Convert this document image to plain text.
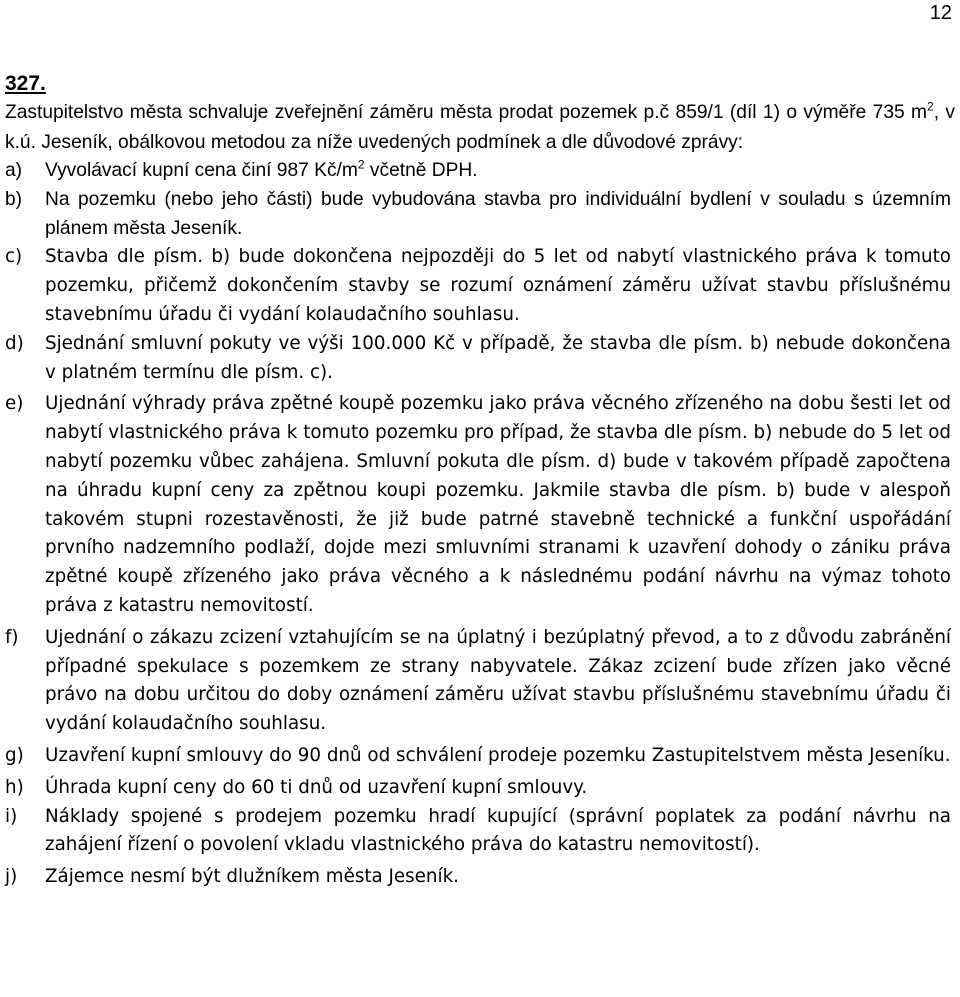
12
327.
Zastupitelstvo města schvaluje zveřejnění záměru města prodat pozemek p.č 859/1 (díl 1) o výměře 735 $m^2$, v k.ú. Jeseník, obálkovou metodou za níže uvedených podmínek a dle důvodové zprávy:
a)	Vyvolávací kupní cena činí 987 $Kč/m^2$ včetně DPH.
b)	Na pozemku (nebo jeho části) bude vybudována stavba pro individuální bydlení v souladu s územním plánem města Jeseník.
c)	Stavba dle písm. b) bude dokončena nejpozději do 5 let od nabytí vlastnického práva k tomuto pozemku, přičemž dokončením stavby se rozumí oznámení záměru užívat stavbu příslušnému stavebnímu úřadu či vydání kolaudačního souhlasu.
d)	Sjednání smluvní pokuty ve výši 100.000 Kč v případě, že stavba dle písm. b) nebude dokončena v platném termínu dle písm. c).
e)	Ujednání výhrady práva zpětné koupě pozemku jako práva věcného zřízeného na dobu šesti let od nabytí vlastnického práva k tomuto pozemku pro případ, že stavba dle písm. b) nebude do 5 let od nabytí pozemku vůbec zahájena. Smluvní pokuta dle písm. d) bude v takovém případě započtena na úhradu kupní ceny za zpětnou koupi pozemku. Jakmile stavba dle písm. b) bude v alespoň takovém stupni rozestavěnosti, že již bude patrné stavebně technické a funkční uspořádání prvního nadzemního podlaží, dojde mezi smluvními stranami k uzavření dohody o zániku práva zpětné koupě zřízeného jako práva věcného a k následnému podání návrhu na výmaz tohoto práva z katastru nemovitostí.
f)	Ujednání o zákazu zcizení vztahujícím se na úplatný i bezúplatný převod, a to z důvodu zabránění případné spekulace s pozemkem ze strany nabyvatele. Zákaz zcizení bude zřízen jako věcné právo na dobu určitou do doby oznámení záměru užívat stavbu příslušnému stavebnímu úřadu či vydání kolaudačního souhlasu.
g)	Uzavření kupní smlouvy do 90 dnů od schválení prodeje pozemku Zastupitelstvem města Jeseníku.
h)	Úhrada kupní ceny do 60 ti dnů od uzavření kupní smlouvy.
i)	Náklady spojené s prodejem pozemku hradí kupující (správní poplatek za podání návrhu na zahájení řízení o povolení vkladu vlastnického práva do katastru nemovitostí).
j)	Zájemce nesmí být dlužníkem města Jeseník.
